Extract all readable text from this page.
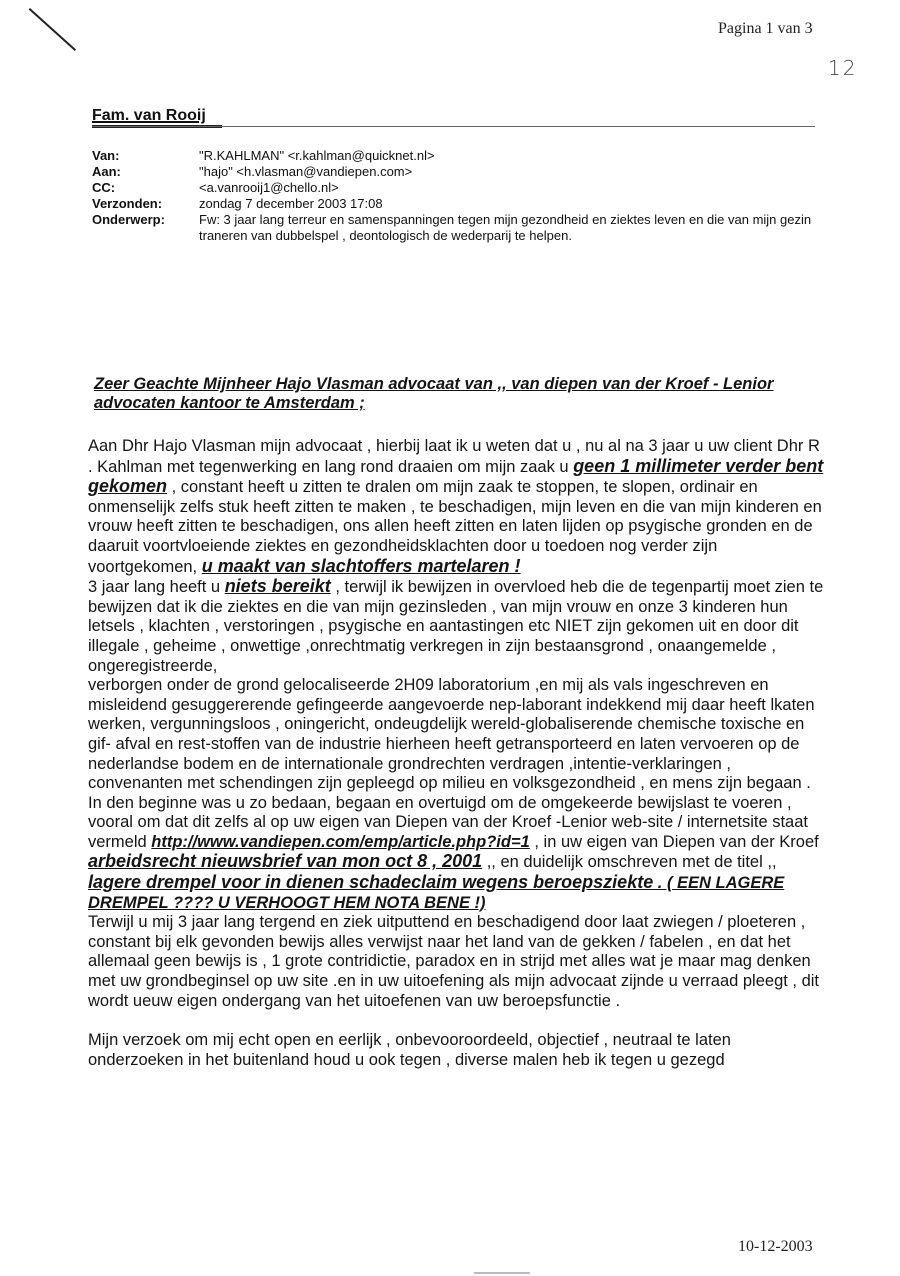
Pagina 1 van 3
12
Fam. van Rooij
Van:	"R.KAHLMAN" <r.kahlman@quicknet.nl>
Aan:	"hajo" <h.vlasman@vandiepen.com>
CC:	<a.vanrooij1@chello.nl>
Verzonden:	zondag 7 december 2003 17:08
Onderwerp:	Fw: 3 jaar lang terreur en samenspanningen tegen mijn gezondheid en ziektes leven en die van mijn gezin traneren van dubbelspel , deontologisch de wederparij te helpen.

Zeer Geachte Mijnheer Hajo Vlasman advocaat van ,, van diepen van der Kroef - Lenior advocaten kantoor te Amsterdam ;

Aan Dhr Hajo Vlasman mijn advocaat , hierbij laat ik u weten dat u , nu al na 3 jaar u uw client Dhr R . Kahlman met tegenwerking en lang rond draaien om mijn zaak u geen 1 millimeter verder bent gekomen , constant heeft u zitten te dralen om mijn zaak te stoppen, te slopen, ordinair en onmenselijk zelfs stuk heeft zitten te maken , te beschadigen, mijn leven en die van mijn kinderen en vrouw heeft zitten te beschadigen, ons allen heeft zitten en laten lijden op psygische gronden en de daaruit voortvloeiende ziektes en gezondheidsklachten door u toedoen nog verder zijn voortgekomen, u maakt van slachtoffers martelaren !

3 jaar lang heeft u niets bereikt , terwijl ik bewijzen in overvloed heb die de tegenpartij moet zien te bewijzen dat ik die ziektes en die van mijn gezinsleden , van mijn vrouw en onze 3 kinderen hun letsels , klachten , verstoringen , psygische en aantastingen etc NIET zijn gekomen uit en door dit illegale , geheime , onwettige ,onrechtmatig verkregen in zijn bestaansgrond , onaangemelde , ongeregistreerde,

verborgen onder de grond gelocaliseerde 2H09 laboratorium ,en mij als vals ingeschreven en misleidend gesuggererende gefingeerde aangevoerde nep-laborant indekkend mij daar heeft lkaten werken, vergunningsloos , oningericht, ondeugdelijk wereld-globaliserende chemische toxische en gif- afval en rest-stoffen van de industrie hierheen heeft getransporteerd en laten vervoeren op de nederlandse bodem en de internationale grondrechten verdragen ,intentie-verklaringen , convenanten met schendingen zijn gepleegd op milieu en volksgezondheid , en mens zijn begaan .

In den beginne was u zo bedaan, begaan en overtuigd om de omgekeerde bewijslast te voeren , vooral om dat dit zelfs al op uw eigen van Diepen van der Kroef -Lenior web-site / internetsite staat vermeld http://www.vandiepen.com/emp/article.php?id=1 , in uw eigen van Diepen van der Kroef arbeidsrecht nieuwsbrief van mon oct 8 , 2001 ,, en duidelijk omschreven met de titel ,, lagere drempel voor in dienen schadeclaim wegens beroepsziekte . ( EEN LAGERE DREMPEL ???? U VERHOOGT HEM NOTA BENE !)

Terwijl u mij 3 jaar lang tergend en ziek uitputtend en beschadigend door laat zwiegen / ploeteren , constant bij elk gevonden bewijs alles verwijst naar het land van de gekken / fabelen , en dat het allemaal geen bewijs is , 1 grote contridictie, paradox en in strijd met alles wat je maar mag denken met uw grondbeginsel op uw site .en in uw uitoefening als mijn advocaat zijnde u verraad pleegt , dit wordt ueuw eigen ondergang van het uitoefenen van uw beroepsfunctie .

Mijn verzoek om mij echt open en eerlijk , onbevooroordeeld, objectief , neutraal te laten onderzoeken in het buitenland houd u ook tegen , diverse malen heb ik tegen u gezegd

10-12-2003
